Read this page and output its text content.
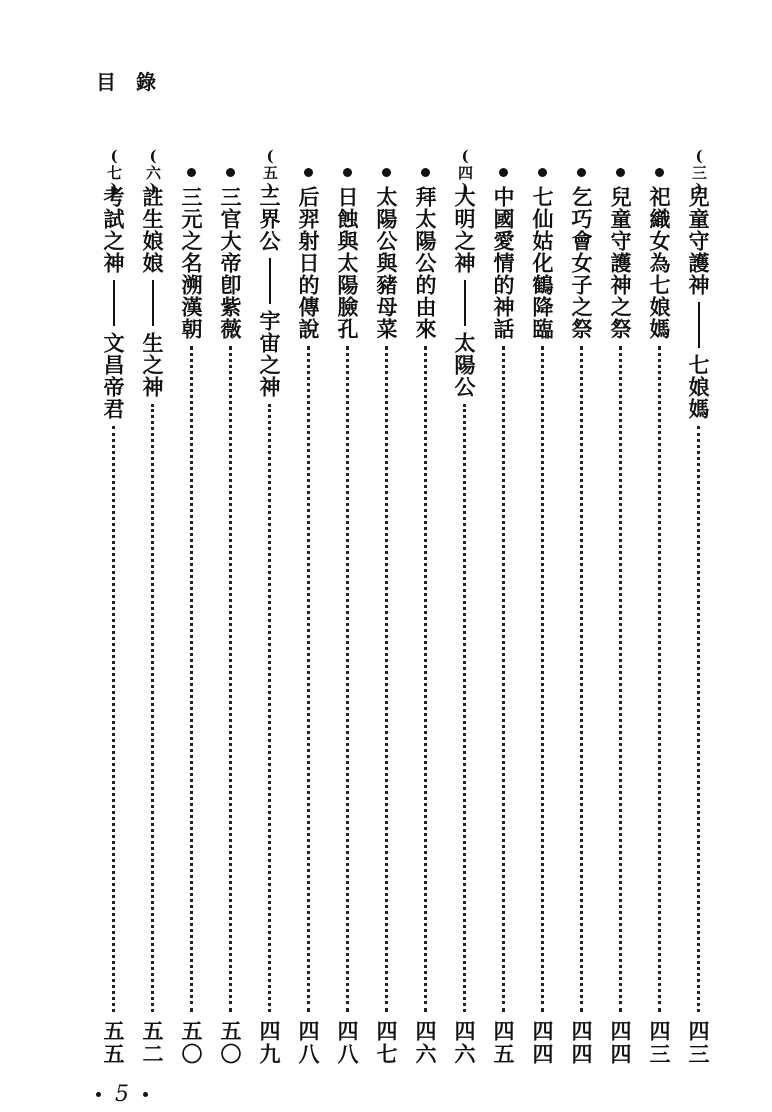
目錄
(三)
兒童守護神
七娘媽
四三
祀織女為七娘媽
四三
兒童守護神之祭
四四
乞巧會女子之祭
四四
七仙姑化鶴降臨
四四
中國愛情的神話
四五
(四)
大明之神
太陽公
四六
拜太陽公的由來
四六
太陽公與豬母菜
四七
日蝕與太陽臉孔
四八
后羿射日的傳說
四八
(五)
三界公
宇宙之神
四九
三官大帝卽紫薇
五〇
三元之名溯漢朝
五〇
(六)
註生娘娘
生之神
五二
(七)
考試之神
文昌帝君
五五
5
